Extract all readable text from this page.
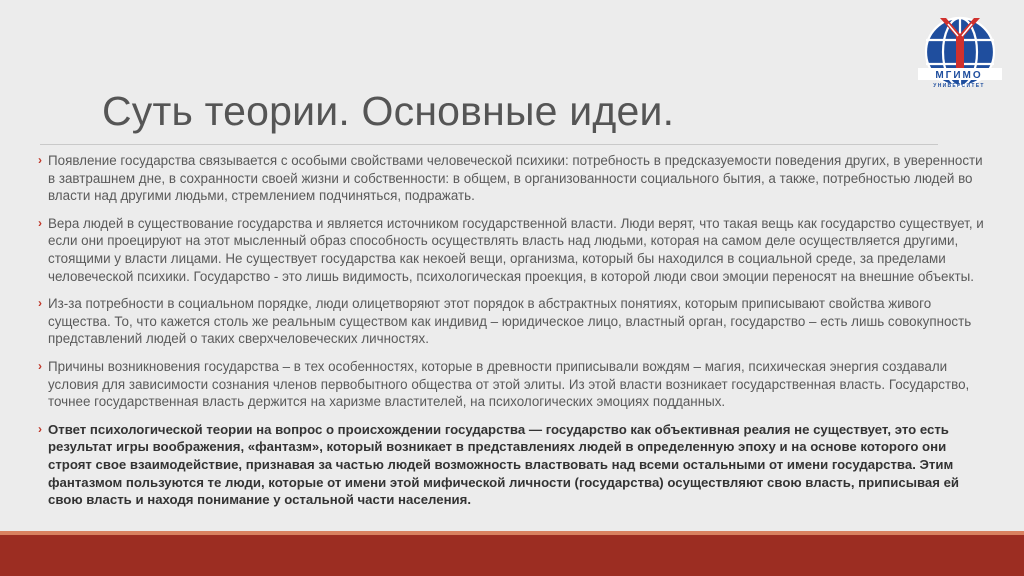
МГИМО
УНИВЕРСИТЕТ
Суть теории. Основные идеи.

› Появление государства связывается с особыми свойствами человеческой психики: потребность в предсказуемости поведения других, в уверенности в завтрашнем дне, в сохранности своей жизни и собственности: в общем, в организованности социального бытия, а также, потребностью людей во власти над другими людьми, стремлением подчиняться, подражать.

› Вера людей в существование государства и является источником государственной власти. Люди верят, что такая вещь как государство существует, и если они проецируют на этот мысленный образ способность осуществлять власть над людьми, которая на самом деле осуществляется другими, стоящими у власти лицами. Не существует государства как некоей вещи, организма, который бы находился в социальной среде, за пределами человеческой психики. Государство - это лишь видимость, психологическая проекция, в которой люди свои эмоции переносят на внешние объекты.

› Из-за потребности в социальном порядке, люди олицетворяют этот порядок в абстрактных понятиях, которым приписывают свойства живого существа. То, что кажется столь же реальным существом как индивид – юридическое лицо, властный орган, государство – есть лишь совокупность представлений людей о таких сверхчеловеческих личностях.

› Причины возникновения государства – в тех особенностях, которые в древности приписывали вождям – магия, психическая энергия создавали условия для зависимости сознания членов первобытного общества от этой элиты. Из этой власти возникает государственная власть. Государство, точнее государственная власть держится на харизме властителей, на психологических эмоциях подданных.

› Ответ психологической теории на вопрос о происхождении государства — государство как объективная реалия не существует, это есть результат игры воображения, «фантазм», который возникает в представлениях людей в определенную эпоху и на основе которого они строят свое взаимодействие, признавая за частью людей возможность властвовать над всеми остальными от имени государства. Этим фантазмом пользуются те люди, которые от имени этой мифической личности (государства) осуществляют свою власть, приписывая ей свою власть и находя понимание у остальной части населения.
